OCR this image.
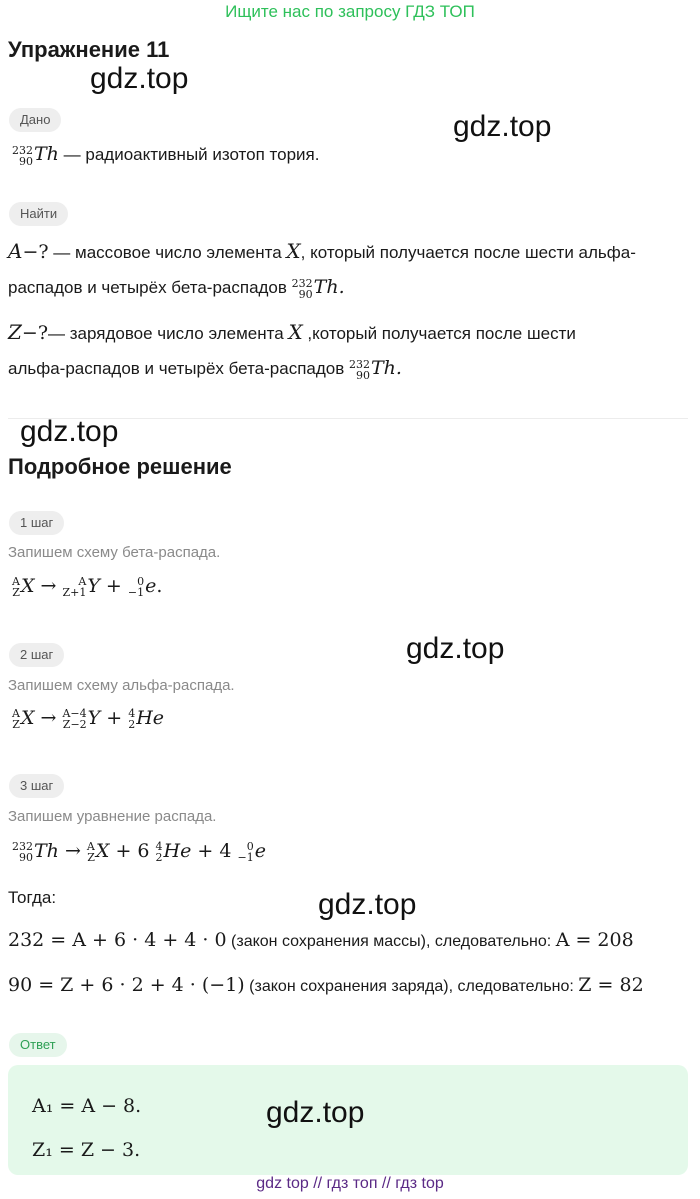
Ищите нас по запросу ГДЗ ТОП
Упражнение 11
gdz.top
gdz.top
Дано
232
90 Th — радиоактивный изотоп тория.
Найти
A−? — массовое число элемента X, который получается после шести альфа-
распадов и четырёх бета-распадов 232
90 Th.
Z−?— зарядовое число элемента X ,который получается после шести
альфа-распадов и четырёх бета-распадов 232
90 Th.
gdz.top
Подробное решение
1 шаг
Запишем схему бета-распада.
A
Z X →	A
Z+1 Y + 0
−1 e.
gdz.top
2 шаг
Запишем схему альфа-распада.
A
Z X → A−4
Z−2 Y + 4
2 He
3 шаг
Запишем уравнение распада.
232
90 Th → A
Z X + 6 4
2 He + 4 0
−1 e
Тогда:	gdz.top
232 = A + 6 · 4 + 4 · 0 (закон сохранения массы), следовательно: A = 208
90 = Z + 6 · 2 + 4 · (−1) (закон сохранения заряда), следовательно: Z = 82
Ответ
A₁ = A − 8.
Z₁ = Z − 3.
gdz.top
gdz top // гдз топ // гдз top
